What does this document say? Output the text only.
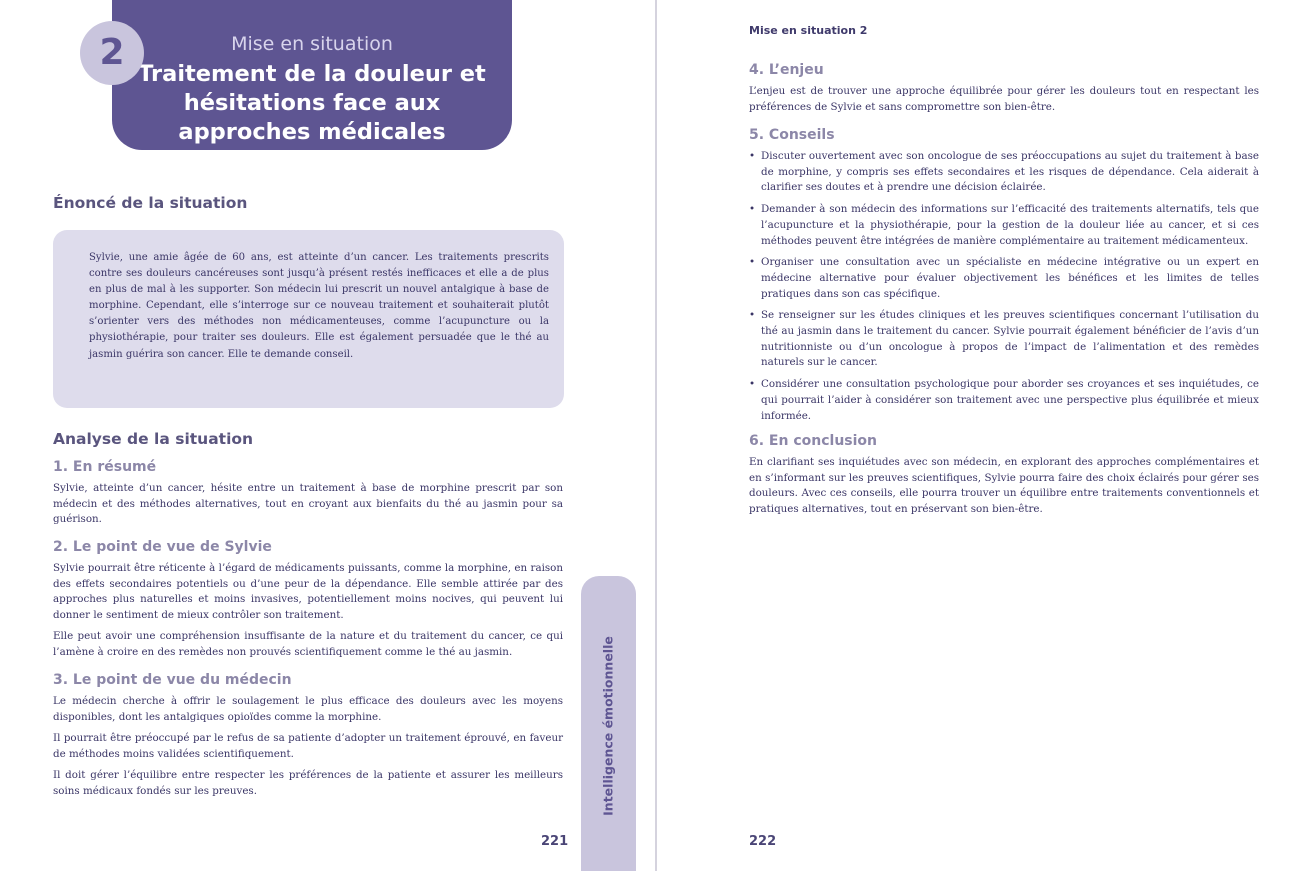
Mise en situation
Traitement de la douleur et hésitations face aux approches médicales
2
Énoncé de la situation

Sylvie, une amie âgée de 60 ans, est atteinte d’un cancer. Les traitements prescrits contre ses douleurs cancéreuses sont jusqu’à présent restés inefficaces et elle a de plus en plus de mal à les supporter. Son médecin lui prescrit un nouvel antalgique à base de morphine. Cependant, elle s’interroge sur ce nouveau traitement et souhaiterait plutôt s’orienter vers des méthodes non médicamenteuses, comme l’acupuncture ou la physiothérapie, pour traiter ses douleurs. Elle est également persuadée que le thé au jasmin guérira son cancer. Elle te demande conseil.

Analyse de la situation
1. En résumé

Sylvie, atteinte d’un cancer, hésite entre un traitement à base de morphine prescrit par son médecin et des méthodes alternatives, tout en croyant aux bienfaits du thé au jasmin pour sa guérison.

2. Le point de vue de Sylvie

Sylvie pourrait être réticente à l’égard de médicaments puissants, comme la morphine, en raison des effets secondaires potentiels ou d’une peur de la dépendance. Elle semble attirée par des approches plus naturelles et moins invasives, potentiellement moins nocives, qui peuvent lui donner le sentiment de mieux contrôler son traitement.

Elle peut avoir une compréhension insuffisante de la nature et du traitement du cancer, ce qui l’amène à croire en des remèdes non prouvés scientifiquement comme le thé au jasmin.

3. Le point de vue du médecin

Le médecin cherche à offrir le soulagement le plus efficace des douleurs avec les moyens disponibles, dont les antalgiques opioïdes comme la morphine.

Il pourrait être préoccupé par le refus de sa patiente d’adopter un traitement éprouvé, en faveur de méthodes moins validées scientifiquement.

Il doit gérer l’équilibre entre respecter les préférences de la patiente et assurer les meilleurs soins médicaux fondés sur les preuves.

221
Intelligence émotionnelle
Mise en situation 2
4. L’enjeu

L’enjeu est de trouver une approche équilibrée pour gérer les douleurs tout en respectant les préférences de Sylvie et sans compromettre son bien-être.

5. Conseils
• Discuter ouvertement avec son oncologue de ses préoccupations au sujet du traitement à base de morphine, y compris ses effets secondaires et les risques de dépendance. Cela aiderait à clarifier ses doutes et à prendre une décision éclairée.
• Demander à son médecin des informations sur l’efficacité des traitements alternatifs, tels que l’acupuncture et la physiothérapie, pour la gestion de la douleur liée au cancer, et si ces méthodes peuvent être intégrées de manière complémentaire au traitement médicamenteux.
• Organiser une consultation avec un spécialiste en médecine intégrative ou un expert en médecine alternative pour évaluer objectivement les bénéfices et les limites de telles pratiques dans son cas spécifique.
• Se renseigner sur les études cliniques et les preuves scientifiques concernant l’utilisation du thé au jasmin dans le traitement du cancer. Sylvie pourrait également bénéficier de l’avis d’un nutritionniste ou d’un oncologue à propos de l’impact de l’alimentation et des remèdes naturels sur le cancer.
• Considérer une consultation psychologique pour aborder ses croyances et ses inquiétudes, ce qui pourrait l’aider à considérer son traitement avec une perspective plus équilibrée et mieux informée.
6. En conclusion

En clarifiant ses inquiétudes avec son médecin, en explorant des approches complémentaires et en s’informant sur les preuves scientifiques, Sylvie pourra faire des choix éclairés pour gérer ses douleurs. Avec ces conseils, elle pourra trouver un équilibre entre traitements conventionnels et pratiques alternatives, tout en préservant son bien-être.

222
